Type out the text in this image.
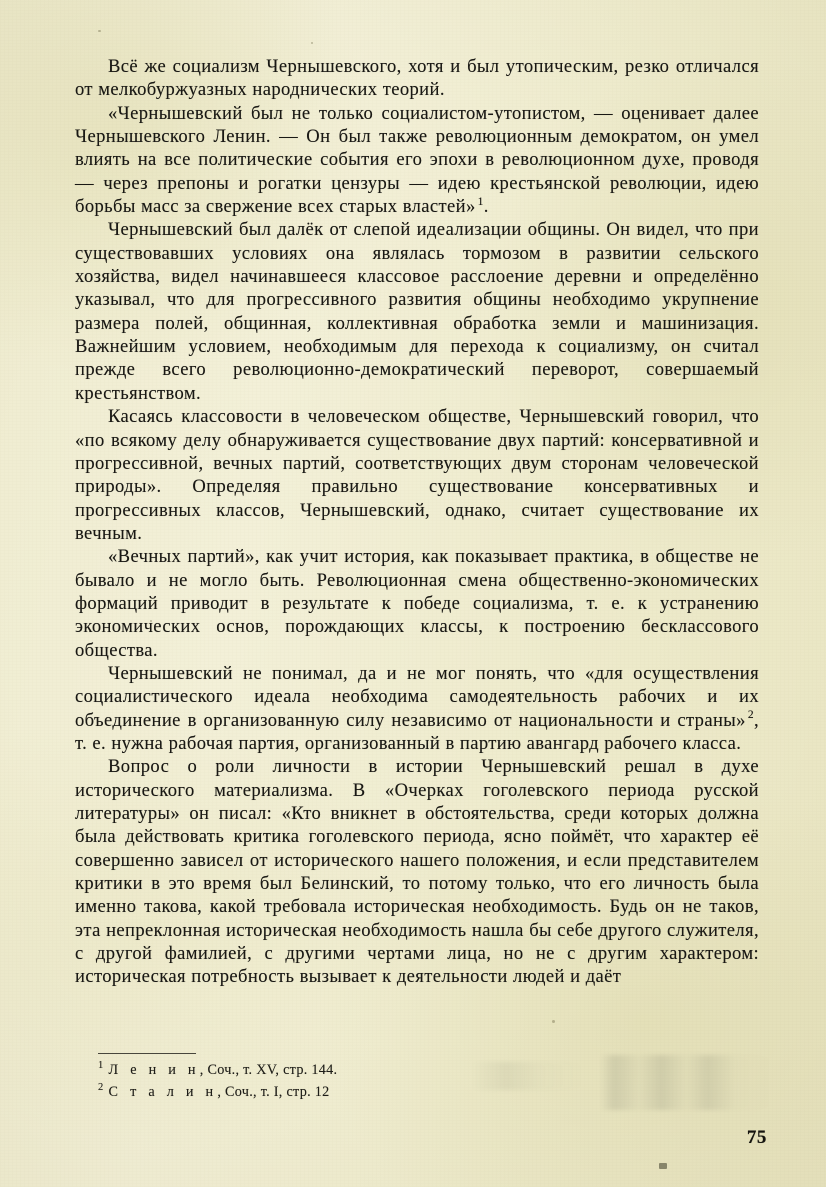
Всё же социализм Чернышевского, хотя и был утопическим, резко отличался от мелкобуржуазных народнических теорий.

«Чернышевский был не только социалистом-утопистом, — оценивает далее Чернышевского Ленин. — Он был также революционным демократом, он умел влиять на все политические события его эпохи в революционном духе, проводя — через препоны и рогатки цензуры — идею крестьянской революции, идею борьбы масс за свержение всех старых властей» $^1$.

Чернышевский был далёк от слепой идеализации общины. Он видел, что при существовавших условиях она являлась тормозом в развитии сельского хозяйства, видел начинавшееся классовое расслоение деревни и определённо указывал, что для прогрессивного развития общины необходимо укрупнение размера полей, общинная, коллективная обработка земли и машинизация. Важнейшим условием, необходимым для перехода к социализму, он считал прежде всего революционно-демократический переворот, совершаемый крестьянством.

Касаясь классовости в человеческом обществе, Чернышевский говорил, что «по всякому делу обнаруживается существование двух партий: консервативной и прогрессивной, вечных партий, соответствующих двум сторонам человеческой природы». Определяя правильно существование консервативных и прогрессивных классов, Чернышевский, однако, считает существование их вечным.

«Вечных партий», как учит история, как показывает практика, в обществе не бывало и не могло быть. Революционная смена общественно-экономических формаций приводит в результате к победе социализма, т. е. к устранению экономических основ, порождающих классы, к построению бесклассового общества.

Чернышевский не понимал, да и не мог понять, что «для осуществления социалистического идеала необходима самодеятельность рабочих и их объединение в организованную силу независимо от национальности и страны» $^2$, т. е. нужна рабочая партия, организованный в партию авангард рабочего класса.

Вопрос о роли личности в истории Чернышевский решал в духе исторического материализма. В «Очерках гоголевского периода русской литературы» он писал: «Кто вникнет в обстоятельства, среди которых должна была действовать критика гоголевского периода, ясно поймёт, что характер её совершенно зависел от исторического нашего положения, и если представителем критики в это время был Белинский, то потому только, что его личность была именно такова, какой требовала историческая необходимость. Будь он не таков, эта непреклонная историческая необходимость нашла бы себе другого служителя, с другой фамилией, с другими чертами лица, но не с другим характером: историческая потребность вызывает к деятельности людей и даёт

$^1$ Л е н и н, Соч., т. XV, стр. 144.

$^2$ С т а л и н, Соч., т. I, стр. 12

75
